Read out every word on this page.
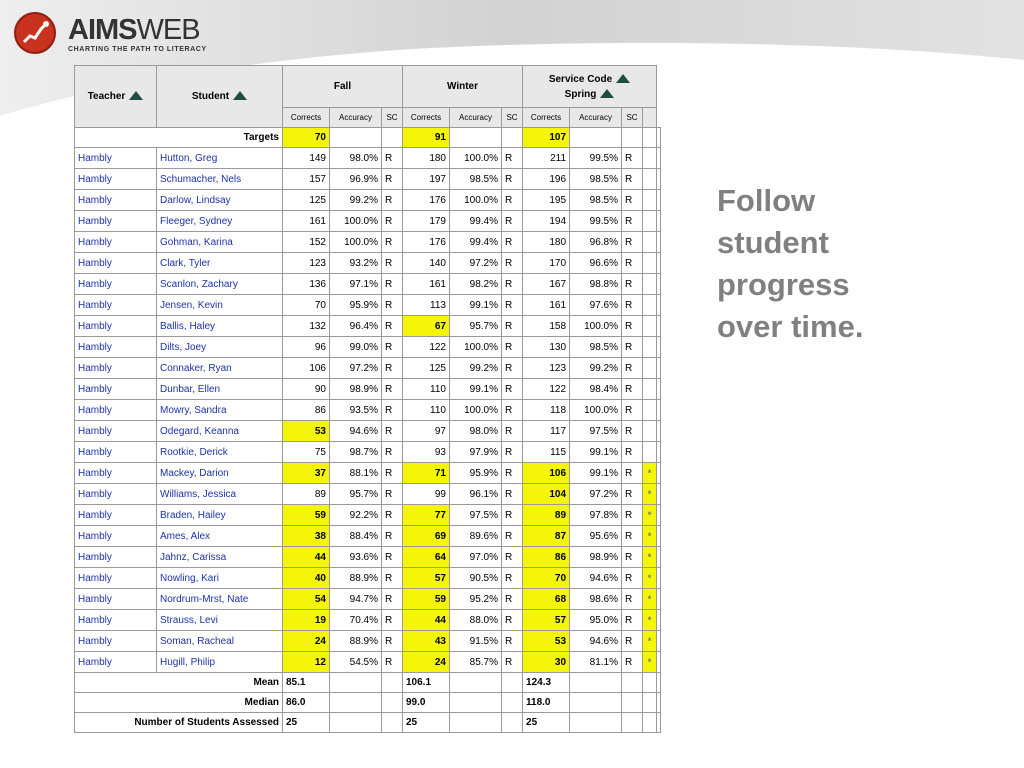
AIMSWEB
CHARTING THE PATH TO LITERACY
Follow
student
progress
over time.
Teacher	Student	Fall			Winter			Service Code
Spring				

		Corrects	Accuracy	SC	Corrects	Accuracy	SC	Corrects	Accuracy	SC		
Targets		70			91			107				
Hambly	Hutton, Greg	149	98.0%	R	180	100.0%	R	211	99.5%	R		
Hambly	Schumacher, Nels	157	96.9%	R	197	98.5%	R	196	98.5%	R		
Hambly	Darlow, Lindsay	125	99.2%	R	176	100.0%	R	195	98.5%	R		
Hambly	Fleeger, Sydney	161	100.0%	R	179	99.4%	R	194	99.5%	R		
Hambly	Gohman, Karina	152	100.0%	R	176	99.4%	R	180	96.8%	R		
Hambly	Clark, Tyler	123	93.2%	R	140	97.2%	R	170	96.6%	R		
Hambly	Scanlon, Zachary	136	97.1%	R	161	98.2%	R	167	98.8%	R		
Hambly	Jensen, Kevin	70	95.9%	R	113	99.1%	R	161	97.6%	R		
Hambly	Ballis, Haley	132	96.4%	R	67	95.7%	R	158	100.0%	R		
Hambly	Dilts, Joey	96	99.0%	R	122	100.0%	R	130	98.5%	R		
Hambly	Connaker, Ryan	106	97.2%	R	125	99.2%	R	123	99.2%	R		
Hambly	Dunbar, Ellen	90	98.9%	R	110	99.1%	R	122	98.4%	R		
Hambly	Mowry, Sandra	86	93.5%	R	110	100.0%	R	118	100.0%	R		
Hambly	Odegard, Keanna	53	94.6%	R	97	98.0%	R	117	97.5%	R		
Hambly	Rootkie, Derick	75	98.7%	R	93	97.9%	R	115	99.1%	R		
Hambly	Mackey, Darion	37	88.1%	R	71	95.9%	R	106	99.1%	R	*	
Hambly	Williams, Jessica	89	95.7%	R	99	96.1%	R	104	97.2%	R	*	
Hambly	Braden, Hailey	59	92.2%	R	77	97.5%	R	89	97.8%	R	*	
Hambly	Ames, Alex	38	88.4%	R	69	89.6%	R	87	95.6%	R	*	
Hambly	Jahnz, Carissa	44	93.6%	R	64	97.0%	R	86	98.9%	R	*	
Hambly	Nowling, Kari	40	88.9%	R	57	90.5%	R	70	94.6%	R	*	
Hambly	Nordrum-Mrst, Nate	54	94.7%	R	59	95.2%	R	68	98.6%	R	*	
Hambly	Strauss, Levi	19	70.4%	R	44	88.0%	R	57	95.0%	R	*	
Hambly	Soman, Racheal	24	88.9%	R	43	91.5%	R	53	94.6%	R	*	
Hambly	Hugill, Philip	12	54.5%	R	24	85.7%	R	30	81.1%	R	*	
Mean		85.1			106.1			124.3				
Median		86.0			99.0			118.0				
Number of Students Assessed		25			25			25				
